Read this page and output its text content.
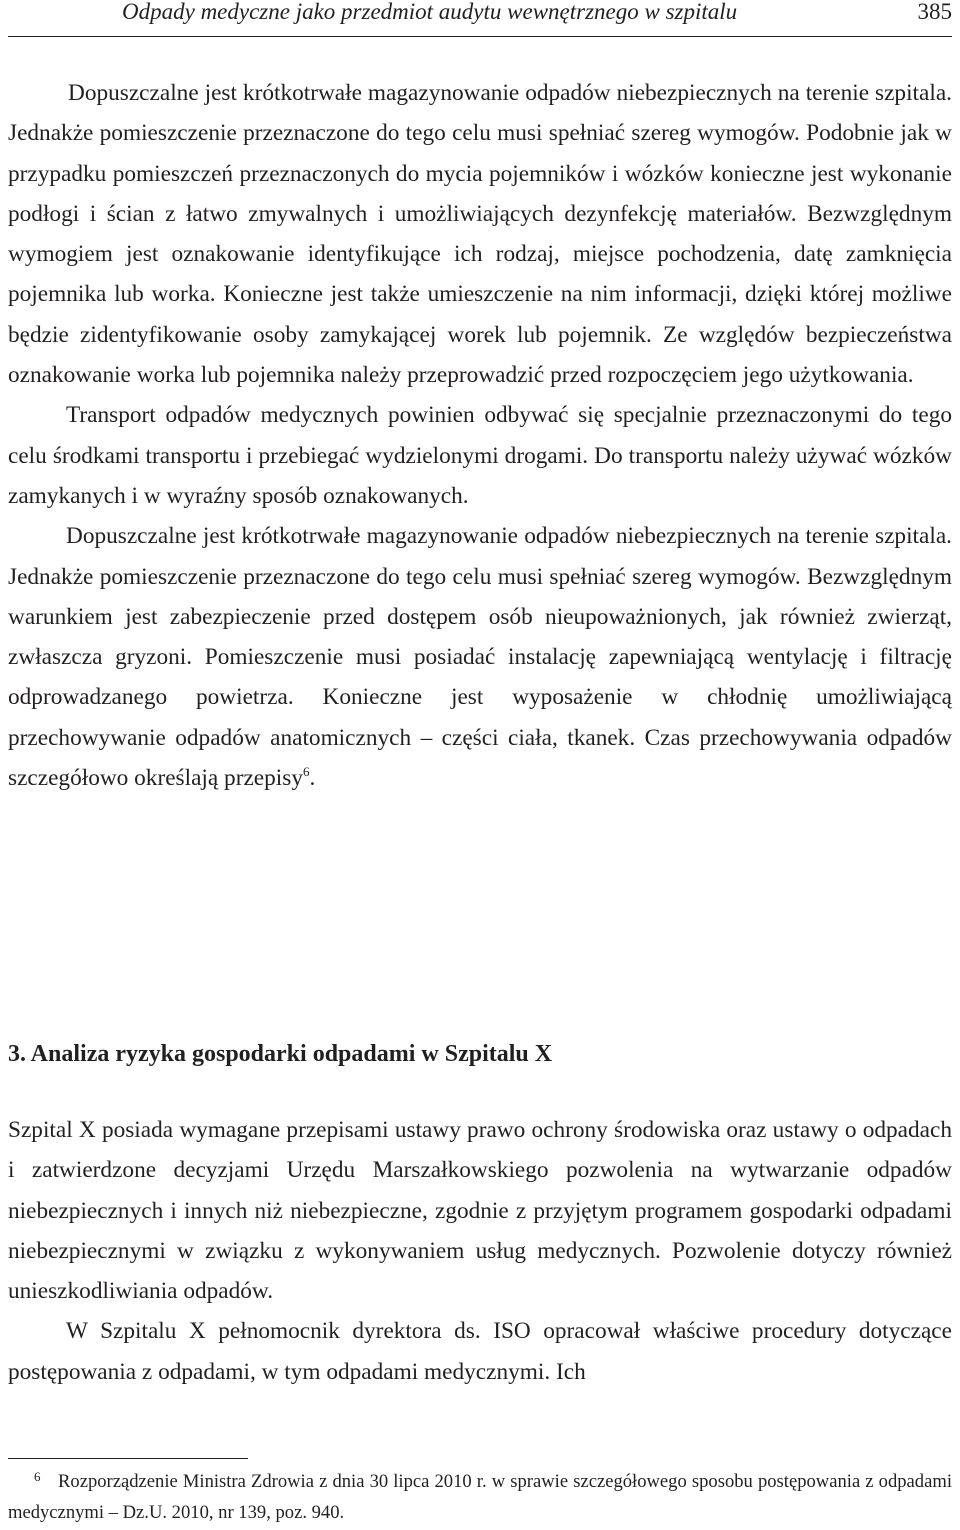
Odpady medyczne jako przedmiot audytu wewnętrznego w szpitalu	385

Dopuszczalne jest krótkotrwałe magazynowanie odpadów niebezpiecznych na terenie szpitala. Jednakże pomieszczenie przeznaczone do tego celu musi spełniać szereg wymogów. Podobnie jak w przypadku pomieszczeń przeznaczonych do mycia pojemników i wózków konieczne jest wykonanie podłogi i ścian z łatwo zmywalnych i umożliwiających dezynfekcję materiałów. Bezwzględnym wymogiem jest oznakowanie identyfikujące ich rodzaj, miejsce pochodzenia, datę zamknięcia pojemnika lub worka. Konieczne jest także umieszczenie na nim informacji, dzięki której możliwe będzie zidentyfikowanie osoby zamykającej worek lub pojemnik. Ze względów bezpieczeństwa oznakowanie worka lub pojemnika należy przeprowadzić przed rozpoczęciem jego użytkowania.

Transport odpadów medycznych powinien odbywać się specjalnie przeznaczonymi do tego celu środkami transportu i przebiegać wydzielonymi drogami. Do transportu należy używać wózków zamykanych i w wyraźny sposób oznakowanych.

Dopuszczalne jest krótkotrwałe magazynowanie odpadów niebezpiecznych na terenie szpitala. Jednakże pomieszczenie przeznaczone do tego celu musi spełniać szereg wymogów. Bezwzględnym warunkiem jest zabezpieczenie przed dostępem osób nieupoważnionych, jak również zwierząt, zwłaszcza gryzoni. Pomieszczenie musi posiadać instalację zapewniającą wentylację i filtrację odprowadzanego powietrza. Konieczne jest wyposażenie w chłodnię umożliwiającą przechowywanie odpadów anatomicznych – części ciała, tkanek. Czas przechowywania odpadów szczegółowo określają przepisy$^6$.

3. Analiza ryzyka gospodarki odpadami w Szpitalu X

Szpital X posiada wymagane przepisami ustawy prawo ochrony środowiska oraz ustawy o odpadach i zatwierdzone decyzjami Urzędu Marszałkowskiego pozwolenia na wytwarzanie odpadów niebezpiecznych i innych niż niebezpieczne, zgodnie z przyjętym programem gospodarki odpadami niebezpiecznymi w związku z wykonywaniem usług medycznych. Pozwolenie dotyczy również unieszkodliwiania odpadów.

W Szpitalu X pełnomocnik dyrektora ds. ISO opracował właściwe procedury dotyczące postępowania z odpadami, w tym odpadami medycznymi. Ich

6 Rozporządzenie Ministra Zdrowia z dnia 30 lipca 2010 r. w sprawie szczegółowego sposobu postępowania z odpadami medycznymi – Dz.U. 2010, nr 139, poz. 940.
